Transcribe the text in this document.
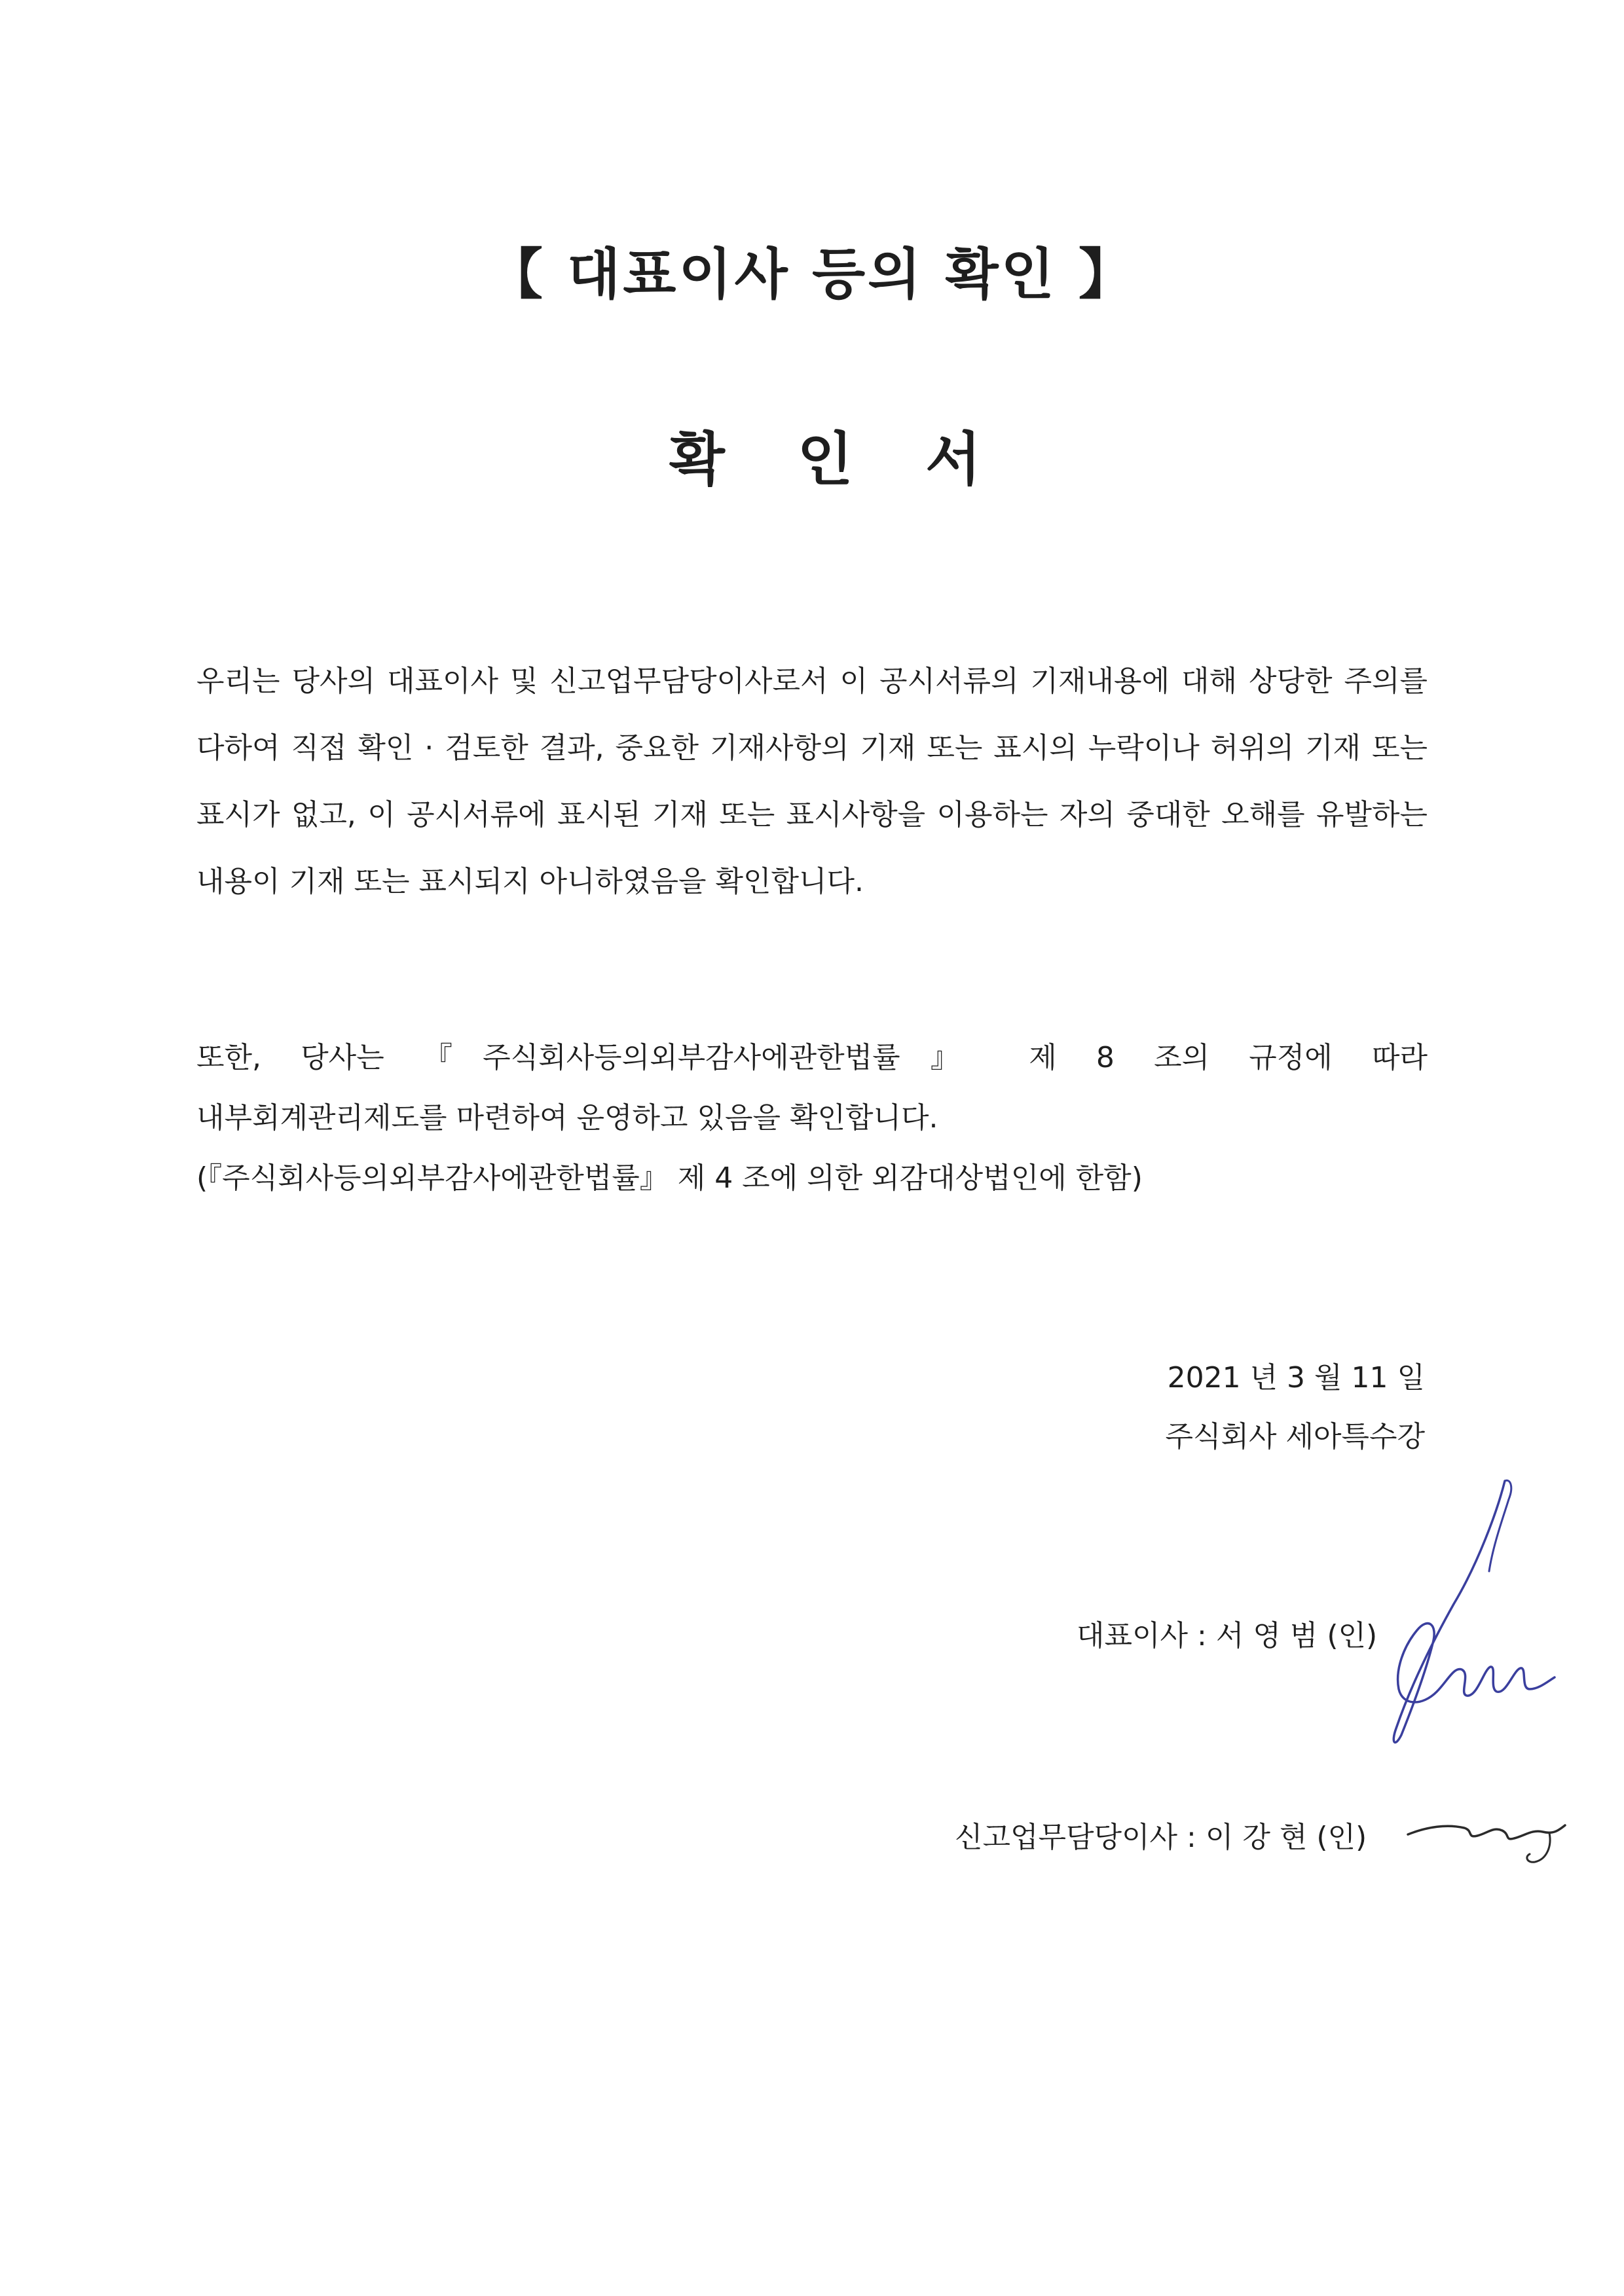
【 대표이사 등의 확인 】
확 인 서

우리는 당사의 대표이사 및 신고업무담당이사로서 이 공시서류의 기재내용에 대해 상당한 주의를 다하여 직접 확인 · 검토한 결과, 중요한 기재사항의 기재 또는 표시의 누락이나 허위의 기재 또는 표시가 없고, 이 공시서류에 표시된 기재 또는 표시사항을 이용하는 자의 중대한 오해를 유발하는 내용이 기재 또는 표시되지 아니하였음을 확인합니다.

또한, 당사는 『주식회사등의외부감사에관한법률』 제 8 조의 규정에 따라
내부회계관리제도를 마련하여 운영하고 있음을 확인합니다.
(『주식회사등의외부감사에관한법률』 제 4 조에 의한 외감대상법인에 한함)
2021 년 3 월 11 일
주식회사 세아특수강
대표이사 : 서 영 범 (인)
신고업무담당이사 : 이 강 현 (인)
